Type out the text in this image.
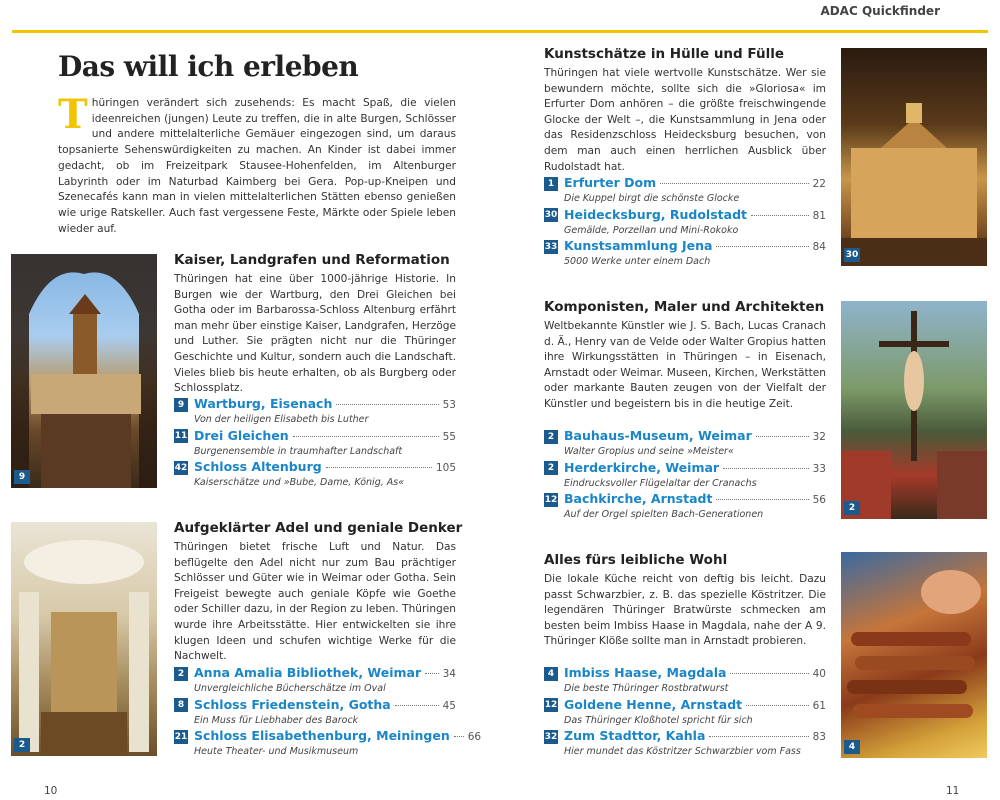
ADAC Quickfinder
Das will ich erleben
T hüringen verändert sich zusehends: Es macht Spaß, die vielen ideenreichen (jungen) Leute zu treffen, die in alte Burgen, Schlösser und andere mittelalterliche Gemäuer eingezogen sind, um daraus topsanierte Sehenswürdigkeiten zu machen. An Kinder ist dabei immer gedacht, ob im Freizeitpark Stausee-Hohenfelden, im Altenburger Labyrinth oder im Naturbad Kaimberg bei Gera. Pop-up-Kneipen und Szenecafés kann man in vielen mittelalterlichen Stätten ebenso genießen wie urige Ratskeller. Auch fast vergessene Feste, Märkte oder Spiele leben wieder auf.
9
2
30
2
4
Kaiser, Landgrafen und Reformation
Thüringen hat eine über 1000-jährige Historie. In Burgen wie der Wartburg, den Drei Gleichen bei Gotha oder im Barbarossa-Schloss Altenburg erfährt man mehr über einstige Kaiser, Landgrafen, Herzöge und Luther. Sie prägten nicht nur die Thüringer Geschichte und Kultur, sondern auch die Landschaft. Vieles blieb bis heute erhalten, ob als Burgberg oder Schlossplatz.
9 Wartburg, Eisenach	53
Von der heiligen Elisabeth bis Luther
11 Drei Gleichen	55
Burgenensemble in traumhafter Landschaft
42 Schloss Altenburg	105
Kaiserschätze und »Bube, Dame, König, As«
Aufgeklärter Adel und geniale Denker
Thüringen bietet frische Luft und Natur. Das beflügelte den Adel nicht nur zum Bau prächtiger Schlösser und Güter wie in Weimar oder Gotha. Sein Freigeist bewegte auch geniale Köpfe wie Goethe oder Schiller dazu, in der Region zu leben. Thüringen wurde ihre Arbeitsstätte. Hier entwickelten sie ihre klugen Ideen und schufen wichtige Werke für die Nachwelt.
2 Anna Amalia Bibliothek, Weimar 34
Unvergleichliche Bücherschätze im Oval
8 Schloss Friedenstein, Gotha	45
Ein Muss für Liebhaber des Barock
21 Schloss Elisabethenburg, Meiningen 66
Heute Theater- und Musikmuseum
Kunstschätze in Hülle und Fülle
Thüringen hat viele wertvolle Kunstschätze. Wer sie bewundern möchte, sollte sich die »Gloriosa« im Erfurter Dom anhören – die größte freischwingende Glocke der Welt –, die Kunstsammlung in Jena oder das Residenzschloss Heidecksburg besuchen, von dem man auch einen herrlichen Ausblick über Rudolstadt hat.
1 Erfurter Dom	22
Die Kuppel birgt die schönste Glocke
30 Heidecksburg, Rudolstadt	81
Gemälde, Porzellan und Mini-Rokoko
33 Kunstsammlung Jena	84
5000 Werke unter einem Dach
Komponisten, Maler und Architekten
Weltbekannte Künstler wie J. S. Bach, Lucas Cranach d. Ä., Henry van de Velde oder Walter Gropius hatten ihre Wirkungsstätten in Thüringen – in Eisenach, Arnstadt oder Weimar. Museen, Kirchen, Werkstätten oder markante Bauten zeugen von der Vielfalt der Künstler und begeistern bis in die heutige Zeit.
2 Bauhaus-Museum, Weimar	32
Walter Gropius und seine »Meister«
2 Herderkirche, Weimar	33
Eindrucksvoller Flügelaltar der Cranachs
12 Bachkirche, Arnstadt	56
Auf der Orgel spielten Bach-Generationen
Alles fürs leibliche Wohl
Die lokale Küche reicht von deftig bis leicht. Dazu passt Schwarzbier, z. B. das spezielle Köstritzer. Die legendären Thüringer Bratwürste schmecken am besten beim Imbiss Haase in Magdala, nahe der A 9. Thüringer Klöße sollte man in Arnstadt probieren.
4 Imbiss Haase, Magdala	40
Die beste Thüringer Rostbratwurst
12 Goldene Henne, Arnstadt	61
Das Thüringer Kloßhotel spricht für sich
32 Zum Stadttor, Kahla	83
Hier mundet das Köstritzer Schwarzbier vom Fass
10	11
